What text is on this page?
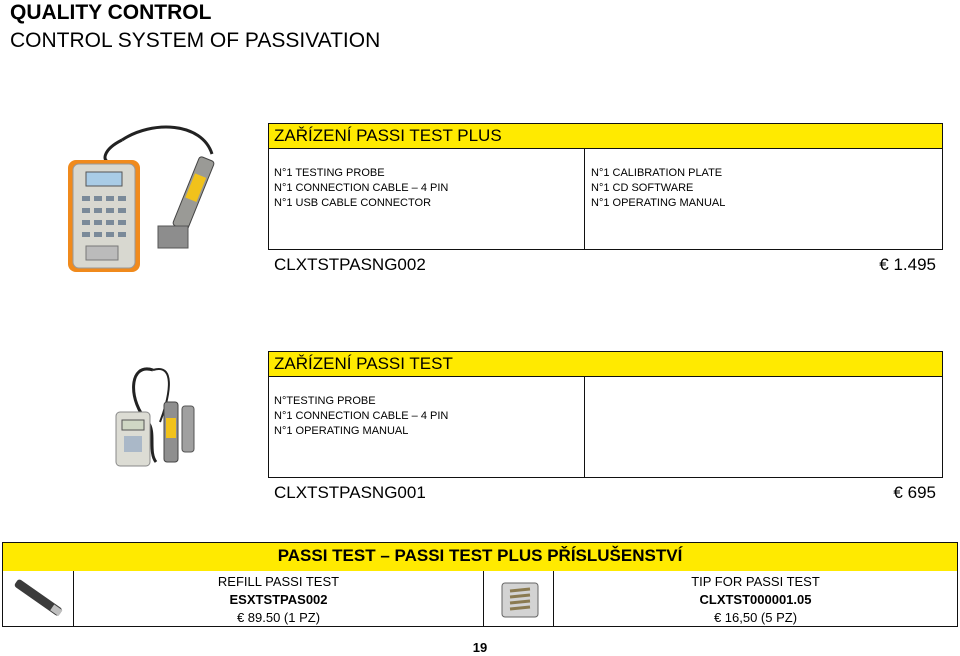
QUALITY CONTROL
CONTROL SYSTEM OF PASSIVATION
ZAŘÍZENÍ PASSI TEST PLUS
N°1 TESTING PROBE
N°1 CONNECTION CABLE – 4 PIN
N°1 USB CABLE CONNECTOR
N°1 CALIBRATION PLATE
N°1 CD SOFTWARE
N°1 OPERATING MANUAL
CLXTSTPASNG002	€ 1.495
ZAŘÍZENÍ PASSI TEST
N°TESTING PROBE
N°1 CONNECTION CABLE – 4 PIN
N°1 OPERATING MANUAL
CLXTSTPASNG001	€ 695
PASSI TEST – PASSI TEST PLUS PŘÍSLUŠENSTVÍ
REFILL PASSI TEST
ESXTSTPAS002
€ 89.50 (1 PZ)
TIP FOR PASSI TEST
CLXTST000001.05
€ 16,50 (5 PZ)
19
